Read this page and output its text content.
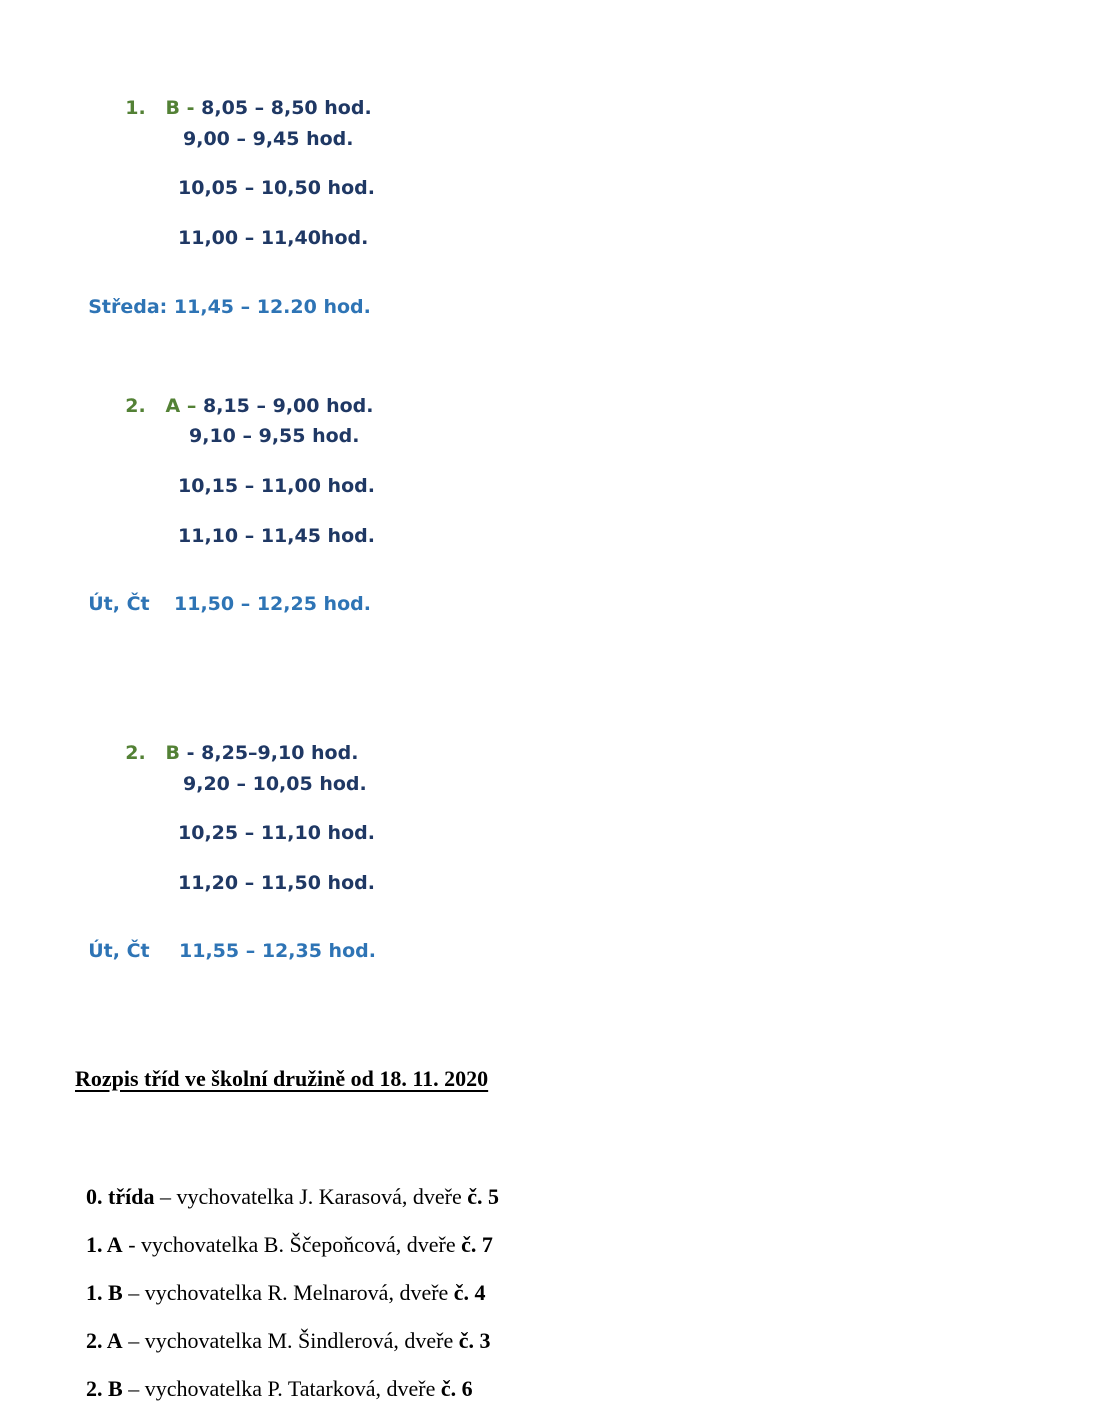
1. B - 8,05 – 8,50 hod.

9,00 – 9,45 hod.
10,05 – 10,50 hod.
11,00 – 11,40hod.

Středa: 11,45 – 12.20 hod.

2. A – 8,15 – 9,00 hod.

9,10 – 9,55 hod.
10,15 – 11,00 hod.
11,10 – 11,45 hod.

Út, Čt 11,50 – 12,25 hod.

2. B - 8,25–9,10 hod.

9,20 – 10,05 hod.
10,25 – 11,10 hod.
11,20 – 11,50 hod.

Út, Čt 11,55 – 12,35 hod.

Rozpis tříd ve školní družině od 18. 11. 2020

0. třída – vychovatelka J. Karasová, dveře č. 5

1. A - vychovatelka B. Ščepoňcová, dveře č. 7

1. B – vychovatelka R. Melnarová, dveře č. 4

2. A – vychovatelka M. Šindlerová, dveře č. 3

2. B – vychovatelka P. Tatarková, dveře č. 6
